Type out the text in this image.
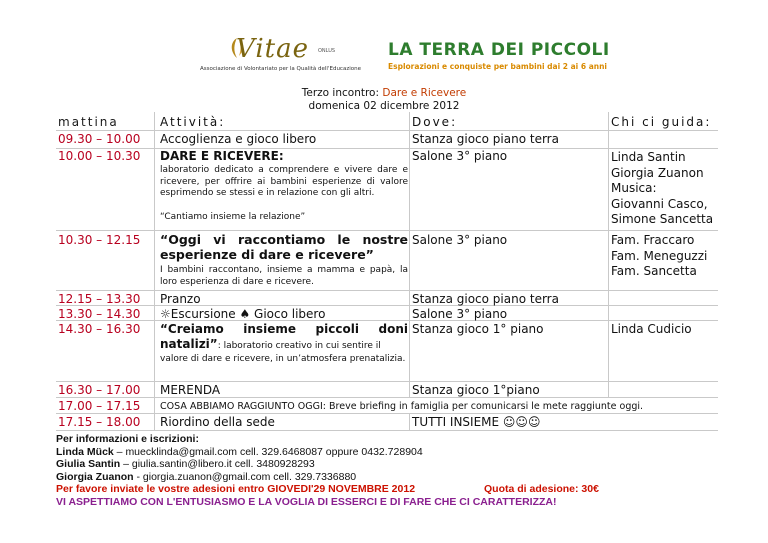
Vitae ONLUS
Associazione di Volontariato per la Qualità dell'Educazione
LA TERRA DEI PICCOLI
Esplorazioni e conquiste per bambini dai 2 ai 6 anni
Terzo incontro: Dare e Ricevere
domenica 02 dicembre 2012
mattina	Attività:	Dove:	Chi ci guida:
09.30 – 10.00 Accoglienza e gioco libero	Stanza gioco piano terra
10.00 – 10.30 DARE E RICEVERE:
laboratorio dedicato a comprendere e vivere dare e ricevere, per offrire ai bambini esperienze di valore esprimendo se stessi e in relazione con gli altri.
“Cantiamo insieme la relazione”
Salone 3° piano	Linda Santin
Giorgia Zuanon
Musica:
Giovanni Casco,
Simone Sancetta
10.30 – 12.15 “Oggi vi raccontiamo le nostre
esperienze di dare e ricevere”
I bambini raccontano, insieme a mamma e papà, la loro esperienza di dare e ricevere.
Salone 3° piano	Fam. Fraccaro
Fam. Meneguzzi
Fam. Sancetta
12.15 – 13.30 Pranzo	Stanza gioco piano terra
13.30 – 14.30 ☼Escursione ♠ Gioco libero	Salone 3° piano
14.30 – 16.30 “Creiamo insieme piccoli doni
natalizi”: laboratorio creativo in cui sentire il
valore di dare e ricevere, in un’atmosfera prenatalizia.
Stanza gioco 1° piano	Linda Cudicio
16.30 – 17.00 MERENDA	Stanza gioco 1°piano
17.00 – 17.15 COSA ABBIAMO RAGGIUNTO OGGI: Breve briefing in famiglia per comunicarsi le mete raggiunte oggi.
17.15 – 18.00 Riordino della sede	TUTTI INSIEME ☺☺☺
Per informazioni e iscrizioni:
Linda Mück – muecklinda@gmail.com cell. 329.6468087 oppure 0432.728904
Giulia Santin – giulia.santin@libero.it cell. 3480928293
Giorgia Zuanon - giorgia.zuanon@gmail.com cell. 329.7336880
Per favore inviate le vostre adesioni entro GIOVEDI'29 NOVEMBRE 2012	Quota di adesione: 30€
VI ASPETTIAMO CON L'ENTUSIASMO E LA VOGLIA DI ESSERCI E DI FARE CHE CI CARATTERIZZA!
